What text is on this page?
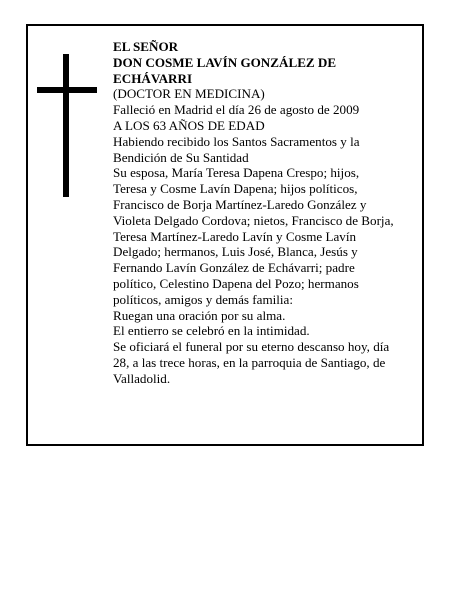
EL SEÑOR

DON COSME LAVÍN GONZÁLEZ DE ECHÁVARRI

(DOCTOR EN MEDICINA)

Falleció en Madrid el día 26 de agosto de 2009

A LOS 63 AÑOS DE EDAD

Habiendo recibido los Santos Sacramentos y la Bendición de Su Santidad

Su esposa, María Teresa Dapena Crespo; hijos, Teresa y Cosme Lavín Dapena; hijos políticos, Francisco de Borja Martínez-Laredo González y Violeta Delgado Cordova; nietos, Francisco de Borja, Teresa Martínez-Laredo Lavín y Cosme Lavín Delgado; hermanos, Luis José, Blanca, Jesús y Fernando Lavín González de Echávarri; padre político, Celestino Dapena del Pozo; hermanos políticos, amigos y demás familia:

Ruegan una oración por su alma.

El entierro se celebró en la intimidad.

Se oficiará el funeral por su eterno descanso hoy, día 28, a las trece horas, en la parroquia de Santiago, de Valladolid.
